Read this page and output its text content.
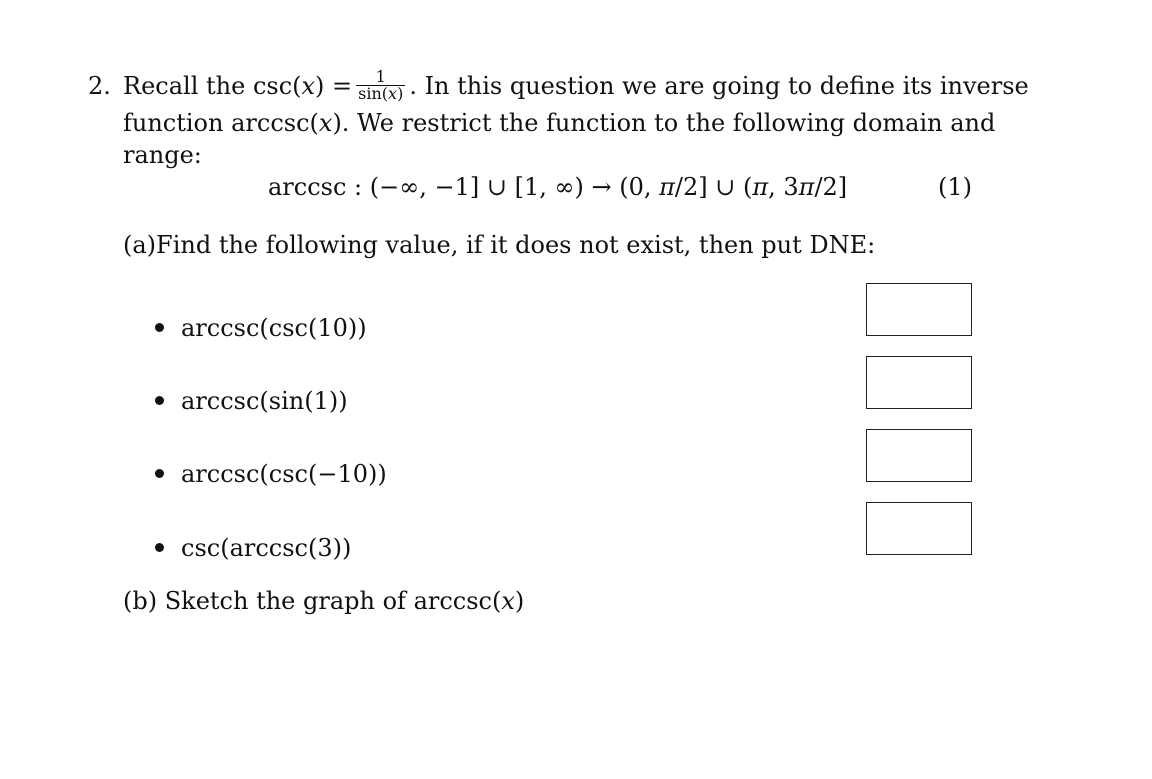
2. Recall the $\csc(x) = \frac{1}{\sin(x)}$ . In this question we are going to define its inverse
function arccsc(x). We restrict the function to the following domain and
range:
arccsc : (−∞, −1] ∪ [1, ∞) → (0, π/2] ∪ (π, 3π/2]	(1)
(a)Find the following value, if it does not exist, then put DNE:
arccsc(csc(10))
arccsc(sin(1))
arccsc(csc(−10))
csc(arccsc(3))
(b) Sketch the graph of arccsc(x)
